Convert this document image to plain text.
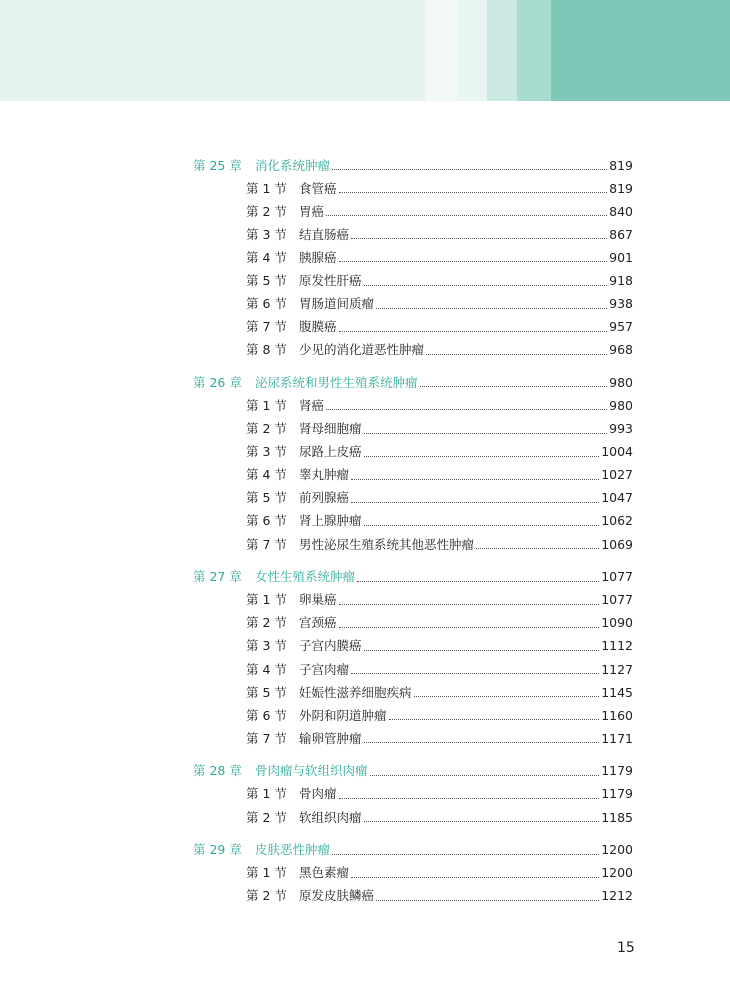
第 25 章	消化系统肿瘤	819
第 1 节 食管癌	819
第 2 节 胃癌	840
第 3 节 结直肠癌	867
第 4 节 胰腺癌	901
第 5 节 原发性肝癌	918
第 6 节 胃肠道间质瘤	938
第 7 节 腹膜癌	957
第 8 节 少见的消化道恶性肿瘤	968
第 26 章	泌尿系统和男性生殖系统肿瘤	980
第 1 节 肾癌	980
第 2 节 肾母细胞瘤	993
第 3 节 尿路上皮癌	1004
第 4 节 睾丸肿瘤	1027
第 5 节 前列腺癌	1047
第 6 节 肾上腺肿瘤	1062
第 7 节 男性泌尿生殖系统其他恶性肿瘤	1069
第 27 章	女性生殖系统肿瘤	1077
第 1 节 卵巢癌	1077
第 2 节 宫颈癌	1090
第 3 节 子宫内膜癌	1112
第 4 节 子宫肉瘤	1127
第 5 节 妊娠性滋养细胞疾病	1145
第 6 节 外阴和阴道肿瘤	1160
第 7 节 输卵管肿瘤	1171
第 28 章	骨肉瘤与软组织肉瘤	1179
第 1 节 骨肉瘤	1179
第 2 节 软组织肉瘤	1185
第 29 章	皮肤恶性肿瘤	1200
第 1 节 黑色素瘤	1200
第 2 节 原发皮肤鳞癌	1212
15
